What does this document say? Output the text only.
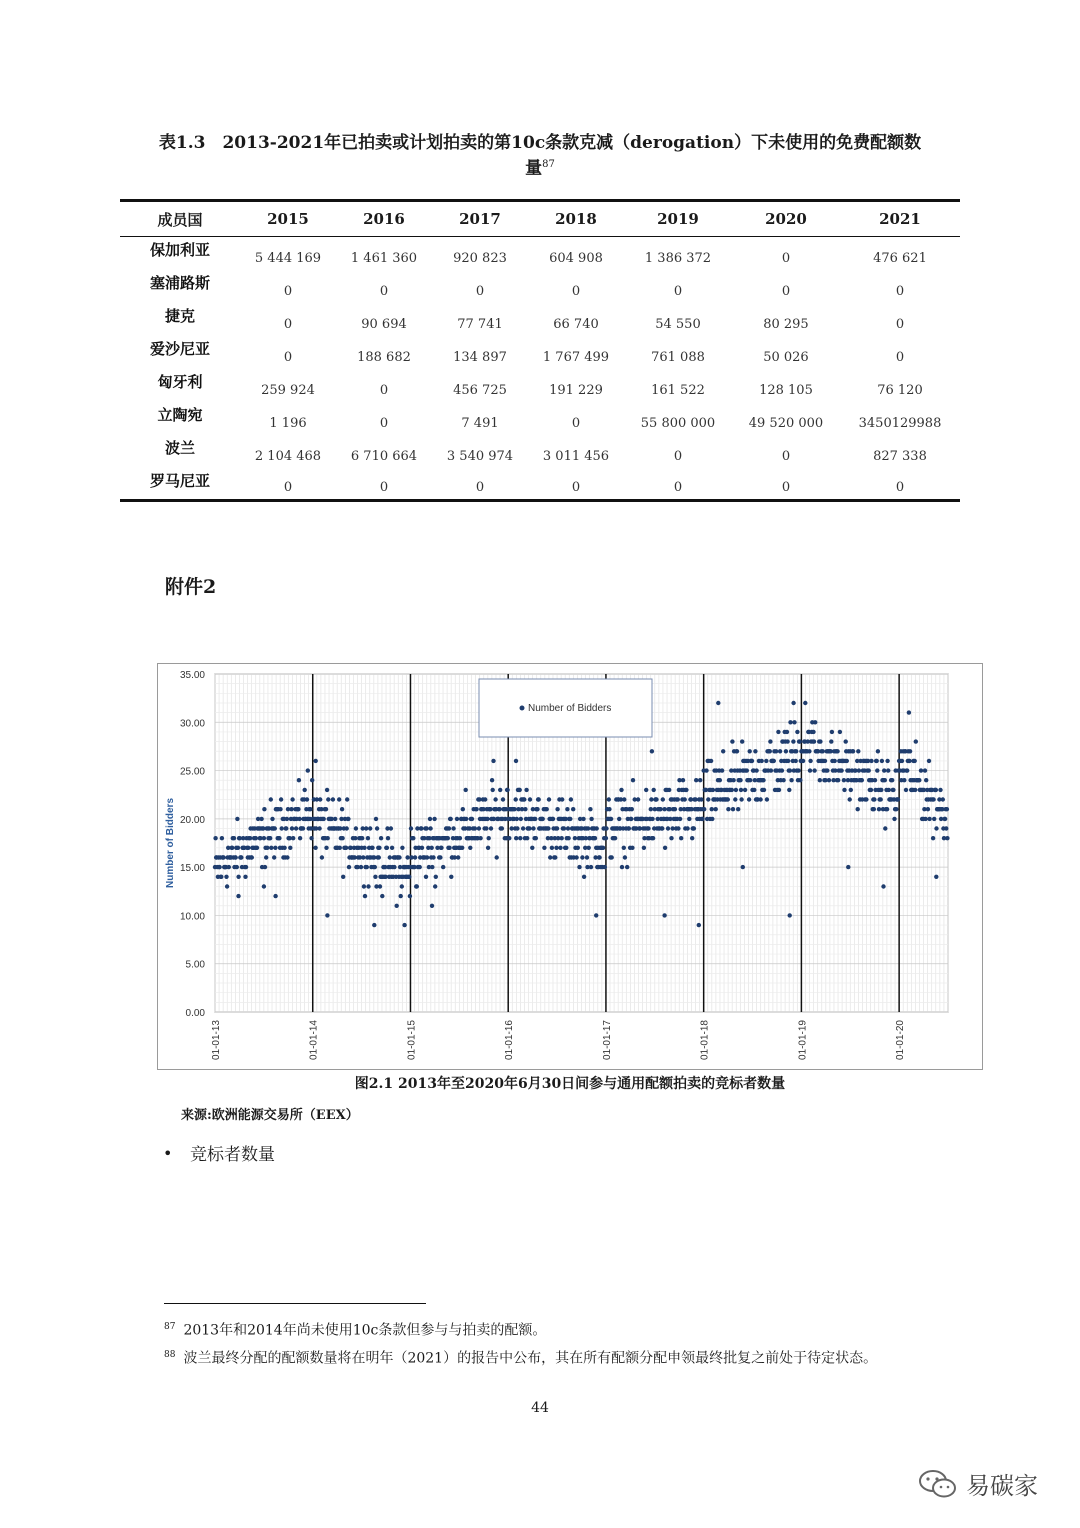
表1.3　2013-2021年已拍卖或计划拍卖的第10c条款克减（derogation）下未使用的免费配额数
量$^{87}$
成员国	2015	2016	2017	2018	2019	2020	2021
保加利亚	5 444 169	1 461 360	920 823	604 908	1 386 372	0	476 621
塞浦路斯	0	0	0	0	0	0	0
捷克	0	90 694	77 741	66 740	54 550	80 295	0
爱沙尼亚	0	188 682	134 897	1 767 499	761 088	50 026	0
匈牙利	259 924	0	456 725	191 229	161 522	128 105	76 120
立陶宛	1 196	0	7 491	0	55 800 000	49 520 000	3450129988
波兰	2 104 468	6 710 664	3 540 974	3 011 456	0	0	827 338
罗马尼亚	0	0	0	0	0	0	0
附件2
0.00
5.00
10.00
15.00
20.00
25.00
30.00
35.00
01-01-13	01-01-14	01-01-15	01-01-16	01-01-17	01-01-18	01-01-19	01-01-20
Number of Bidders
Number of Bidders
图2.1 2013年至2020年6月30日间参与通用配额拍卖的竞标者数量
来源:欧洲能源交易所（EEX）
• 竞标者数量
$^{87}$ 2013年和2014年尚未使用10c条款但参与与拍卖的配额。
$^{88}$ 波兰最终分配的配额数量将在明年（2021）的报告中公布，其在所有配额分配申领最终批复之前处于待定状态。
44
易碳家
